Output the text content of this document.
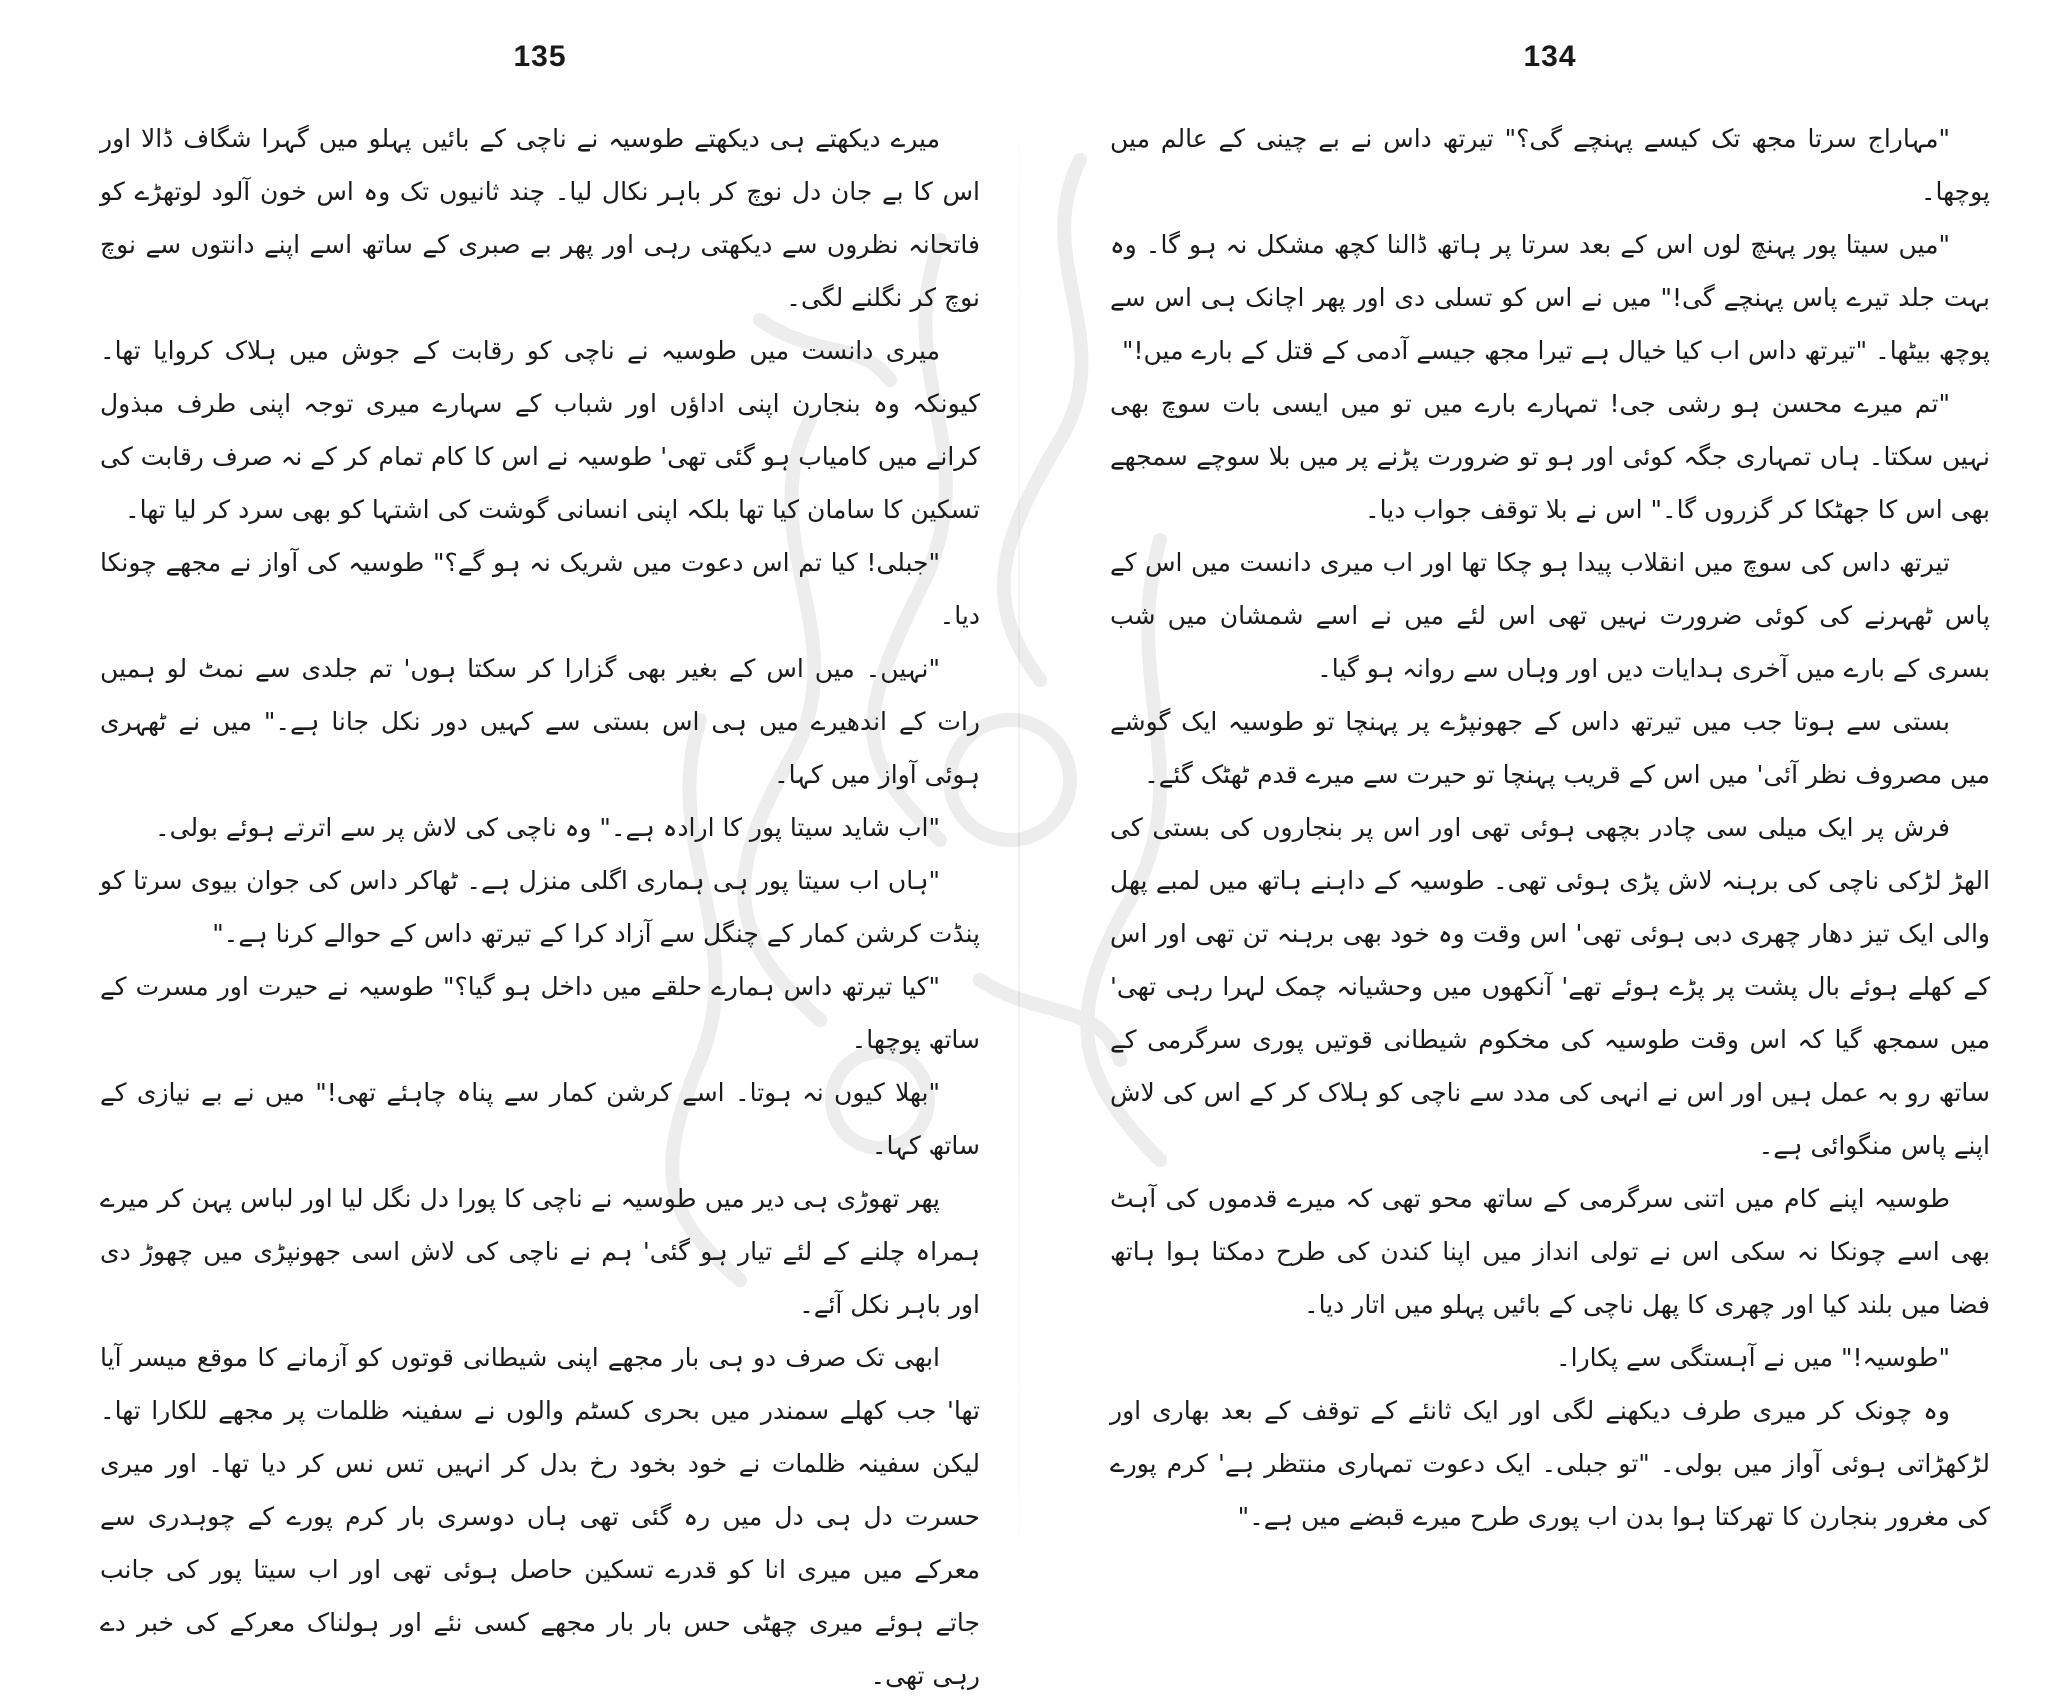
135

میرے دیکھتے ہی دیکھتے طوسیہ نے ناچی کے بائیں پہلو میں گہرا شگاف ڈالا اور اس کا بے جان دل نوچ کر باہر نکال لیا۔ چند ثانیوں تک وہ اس خون آلود لوتھڑے کو فاتحانہ نظروں سے دیکھتی رہی اور پھر بے صبری کے ساتھ اسے اپنے دانتوں سے نوچ نوچ کر نگلنے لگی۔

میری دانست میں طوسیہ نے ناچی کو رقابت کے جوش میں ہلاک کروایا تھا۔ کیونکہ وہ بنجارن اپنی اداؤں اور شباب کے سہارے میری توجہ اپنی طرف مبذول کرانے میں کامیاب ہو گئی تھی' طوسیہ نے اس کا کام تمام کر کے نہ صرف رقابت کی تسکین کا سامان کیا تھا بلکہ اپنی انسانی گوشت کی اشتہا کو بھی سرد کر لیا تھا۔

"جبلی! کیا تم اس دعوت میں شریک نہ ہو گے؟" طوسیہ کی آواز نے مجھے چونکا دیا۔

"نہیں۔ میں اس کے بغیر بھی گزارا کر سکتا ہوں' تم جلدی سے نمٹ لو ہمیں رات کے اندھیرے میں ہی اس بستی سے کہیں دور نکل جانا ہے۔" میں نے ٹھہری ہوئی آواز میں کہا۔

"اب شاید سیتا پور کا ارادہ ہے۔" وہ ناچی کی لاش پر سے اترتے ہوئے بولی۔

"ہاں اب سیتا پور ہی ہماری اگلی منزل ہے۔ ٹھاکر داس کی جوان بیوی سرتا کو پنڈت کرشن کمار کے چنگل سے آزاد کرا کے تیرتھ داس کے حوالے کرنا ہے۔"

"کیا تیرتھ داس ہمارے حلقے میں داخل ہو گیا؟" طوسیہ نے حیرت اور مسرت کے ساتھ پوچھا۔

"بھلا کیوں نہ ہوتا۔ اسے کرشن کمار سے پناہ چاہئے تھی!" میں نے بے نیازی کے ساتھ کہا۔

پھر تھوڑی ہی دیر میں طوسیہ نے ناچی کا پورا دل نگل لیا اور لباس پہن کر میرے ہمراہ چلنے کے لئے تیار ہو گئی' ہم نے ناچی کی لاش اسی جھونپڑی میں چھوڑ دی اور باہر نکل آئے۔

ابھی تک صرف دو ہی بار مجھے اپنی شیطانی قوتوں کو آزمانے کا موقع میسر آیا تھا' جب کھلے سمندر میں بحری کسٹم والوں نے سفینہ ظلمات پر مجھے للکارا تھا۔ لیکن سفینہ ظلمات نے خود بخود رخ بدل کر انہیں تس نس کر دیا تھا۔ اور میری حسرت دل ہی دل میں رہ گئی تھی ہاں دوسری بار کرم پورے کے چوہدری سے معرکے میں میری انا کو قدرے تسکین حاصل ہوئی تھی اور اب سیتا پور کی جانب جاتے ہوئے میری چھٹی حس بار بار مجھے کسی نئے اور ہولناک معرکے کی خبر دے رہی تھی۔

134

"مہاراج سرتا مجھ تک کیسے پہنچے گی؟" تیرتھ داس نے بے چینی کے عالم میں پوچھا۔

"میں سیتا پور پہنچ لوں اس کے بعد سرتا پر ہاتھ ڈالنا کچھ مشکل نہ ہو گا۔ وہ بہت جلد تیرے پاس پہنچے گی!" میں نے اس کو تسلی دی اور پھر اچانک ہی اس سے پوچھ بیٹھا۔ "تیرتھ داس اب کیا خیال ہے تیرا مجھ جیسے آدمی کے قتل کے بارے میں!"

"تم میرے محسن ہو رشی جی! تمہارے بارے میں تو میں ایسی بات سوچ بھی نہیں سکتا۔ ہاں تمہاری جگہ کوئی اور ہو تو ضرورت پڑنے پر میں بلا سوچے سمجھے بھی اس کا جھٹکا کر گزروں گا۔" اس نے بلا توقف جواب دیا۔

تیرتھ داس کی سوچ میں انقلاب پیدا ہو چکا تھا اور اب میری دانست میں اس کے پاس ٹھہرنے کی کوئی ضرورت نہیں تھی اس لئے میں نے اسے شمشان میں شب بسری کے بارے میں آخری ہدایات دیں اور وہاں سے روانہ ہو گیا۔

بستی سے ہوتا جب میں تیرتھ داس کے جھونپڑے پر پہنچا تو طوسیہ ایک گوشے میں مصروف نظر آئی' میں اس کے قریب پہنچا تو حیرت سے میرے قدم ٹھٹک گئے۔

فرش پر ایک میلی سی چادر بچھی ہوئی تھی اور اس پر بنجاروں کی بستی کی الھڑ لڑکی ناچی کی برہنہ لاش پڑی ہوئی تھی۔ طوسیہ کے داہنے ہاتھ میں لمبے پھل والی ایک تیز دھار چھری دبی ہوئی تھی' اس وقت وہ خود بھی برہنہ تن تھی اور اس کے کھلے ہوئے بال پشت پر پڑے ہوئے تھے' آنکھوں میں وحشیانہ چمک لہرا رہی تھی' میں سمجھ گیا کہ اس وقت طوسیہ کی مخکوم شیطانی قوتیں پوری سرگرمی کے ساتھ رو بہ عمل ہیں اور اس نے انہی کی مدد سے ناچی کو ہلاک کر کے اس کی لاش اپنے پاس منگوائی ہے۔

طوسیہ اپنے کام میں اتنی سرگرمی کے ساتھ محو تھی کہ میرے قدموں کی آہٹ بھی اسے چونکا نہ سکی اس نے تولی انداز میں اپنا کندن کی طرح دمکتا ہوا ہاتھ فضا میں بلند کیا اور چھری کا پھل ناچی کے بائیں پہلو میں اتار دیا۔

"طوسیہ!" میں نے آہستگی سے پکارا۔

وہ چونک کر میری طرف دیکھنے لگی اور ایک ثانئے کے توقف کے بعد بھاری اور لڑکھڑاتی ہوئی آواز میں بولی۔ "تو جبلی۔ ایک دعوت تمہاری منتظر ہے' کرم پورے کی مغرور بنجارن کا تھرکتا ہوا بدن اب پوری طرح میرے قبضے میں ہے۔"
